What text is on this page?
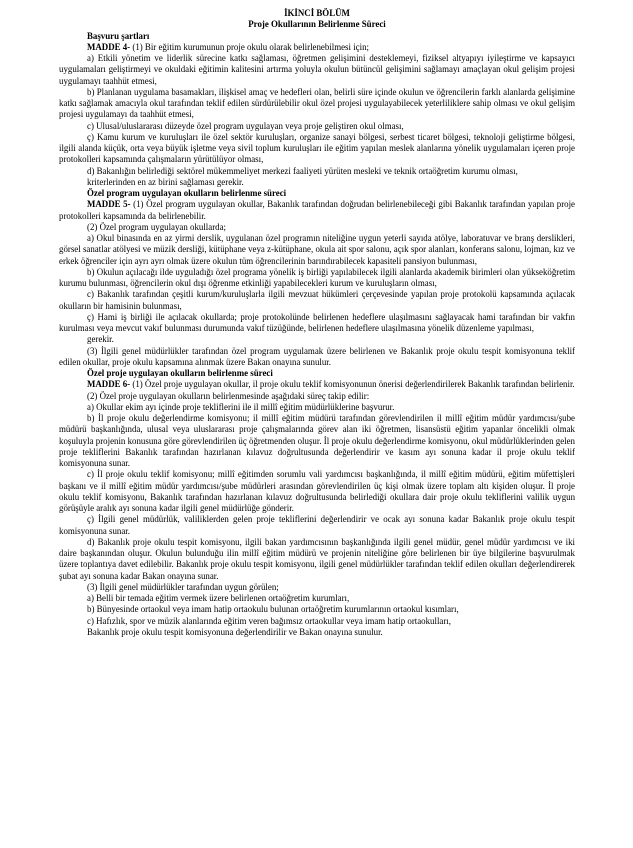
İKİNCİ BÖLÜM
Proje Okullarının Belirlenme Süreci

Başvuru şartları

MADDE 4- (1) Bir eğitim kurumunun proje okulu olarak belirlenebilmesi için;

a) Etkili yönetim ve liderlik sürecine katkı sağlaması, öğretmen gelişimini desteklemeyi, fiziksel altyapıyı iyileştirme ve kapsayıcı uygulamaları geliştirmeyi ve okuldaki eğitimin kalitesini artırma yoluyla okulun bütüncül gelişimini sağlamayı amaçlayan okul gelişim projesi uygulamayı taahhüt etmesi,

b) Planlanan uygulama basamakları, ilişkisel amaç ve hedefleri olan, belirli süre içinde okulun ve öğrencilerin farklı alanlarda gelişimine katkı sağlamak amacıyla okul tarafından teklif edilen sürdürülebilir okul özel projesi uygulayabilecek yeterliliklere sahip olması ve okul gelişim projesi uygulamayı da taahhüt etmesi,

c) Ulusal/uluslararası düzeyde özel program uygulayan veya proje geliştiren okul olması,

ç) Kamu kurum ve kuruluşları ile özel sektör kuruluşları, organize sanayi bölgesi, serbest ticaret bölgesi, teknoloji geliştirme bölgesi, ilgili alanda küçük, orta veya büyük işletme veya sivil toplum kuruluşları ile eğitim yapılan meslek alanlarına yönelik uygulamaları içeren proje protokolleri kapsamında çalışmaların yürütülüyor olması,

d) Bakanlığın belirlediği sektörel mükemmeliyet merkezi faaliyeti yürüten mesleki ve teknik ortaöğretim kurumu olması,

kriterlerinden en az birini sağlaması gerekir.

Özel program uygulayan okulların belirlenme süreci

MADDE 5- (1) Özel program uygulayan okullar, Bakanlık tarafından doğrudan belirlenebileceği gibi Bakanlık tarafından yapılan proje protokolleri kapsamında da belirlenebilir.

(2) Özel program uygulayan okullarda;

a) Okul binasında en az yirmi derslik, uygulanan özel programın niteliğine uygun yeterli sayıda atölye, laboratuvar ve branş derslikleri, görsel sanatlar atölyesi ve müzik dersliği, kütüphane veya z-kütüphane, okula ait spor salonu, açık spor alanları, konferans salonu, lojman, kız ve erkek öğrenciler için ayrı ayrı olmak üzere okulun tüm öğrencilerinin barındırabilecek kapasiteli pansiyon bulunması,

b) Okulun açılacağı ilde uyguladığı özel programa yönelik iş birliği yapılabilecek ilgili alanlarda akademik birimleri olan yükseköğretim kurumu bulunması, öğrencilerin okul dışı öğrenme etkinliği yapabilecekleri kurum ve kuruluşların olması,

c) Bakanlık tarafından çeşitli kurum/kuruluşlarla ilgili mevzuat hükümleri çerçevesinde yapılan proje protokolü kapsamında açılacak okulların bir hamisinin bulunması,

ç) Hami iş birliği ile açılacak okullarda; proje protokolünde belirlenen hedeflere ulaşılmasını sağlayacak hami tarafından bir vakfın kurulması veya mevcut vakıf bulunması durumunda vakıf tüzüğünde, belirlenen hedeflere ulaşılmasına yönelik düzenleme yapılması,

gerekir.

(3) İlgili genel müdürlükler tarafından özel program uygulamak üzere belirlenen ve Bakanlık proje okulu tespit komisyonuna teklif edilen okullar, proje okulu kapsamına alınmak üzere Bakan onayına sunulur.

Özel proje uygulayan okulların belirlenme süreci

MADDE 6- (1) Özel proje uygulayan okullar, il proje okulu teklif komisyonunun önerisi değerlendirilerek Bakanlık tarafından belirlenir.

(2) Özel proje uygulayan okulların belirlenmesinde aşağıdaki süreç takip edilir:

a) Okullar ekim ayı içinde proje tekliflerini ile il millî eğitim müdürlüklerine başvurur.

b) İl proje okulu değerlendirme komisyonu; il millî eğitim müdürü tarafından görevlendirilen il millî eğitim müdür yardımcısı/şube müdürü başkanlığında, ulusal veya uluslararası proje çalışmalarında görev alan iki öğretmen, lisansüstü eğitim yapanlar öncelikli olmak koşuluyla projenin konusuna göre görevlendirilen üç öğretmenden oluşur. İl proje okulu değerlendirme komisyonu, okul müdürlüklerinden gelen proje tekliflerini Bakanlık tarafından hazırlanan kılavuz doğrultusunda değerlendirir ve kasım ayı sonuna kadar il proje okulu teklif komisyonuna sunar.

c) İl proje okulu teklif komisyonu; millî eğitimden sorumlu vali yardımcısı başkanlığında, il millî eğitim müdürü, eğitim müfettişleri başkanı ve il millî eğitim müdür yardımcısı/şube müdürleri arasından görevlendirilen üç kişi olmak üzere toplam altı kişiden oluşur. İl proje okulu teklif komisyonu, Bakanlık tarafından hazırlanan kılavuz doğrultusunda belirlediği okullara dair proje okulu tekliflerini valilik uygun görüşüyle aralık ayı sonuna kadar ilgili genel müdürlüğe gönderir.

ç) İlgili genel müdürlük, valiliklerden gelen proje tekliflerini değerlendirir ve ocak ayı sonuna kadar Bakanlık proje okulu tespit komisyonuna sunar.

d) Bakanlık proje okulu tespit komisyonu, ilgili bakan yardımcısının başkanlığında ilgili genel müdür, genel müdür yardımcısı ve iki daire başkanından oluşur. Okulun bulunduğu ilin millî eğitim müdürü ve projenin niteliğine göre belirlenen bir üye bilgilerine başvurulmak üzere toplantıya davet edilebilir. Bakanlık proje okulu tespit komisyonu, ilgili genel müdürlükler tarafından teklif edilen okulları değerlendirerek şubat ayı sonuna kadar Bakan onayına sunar.

(3) İlgili genel müdürlükler tarafından uygun görülen;

a) Belli bir temada eğitim vermek üzere belirlenen ortaöğretim kurumları,

b) Bünyesinde ortaokul veya imam hatip ortaokulu bulunan ortaöğretim kurumlarının ortaokul kısımları,

c) Hafızlık, spor ve müzik alanlarında eğitim veren bağımsız ortaokullar veya imam hatip ortaokulları,

Bakanlık proje okulu tespit komisyonuna değerlendirilir ve Bakan onayına sunulur.
